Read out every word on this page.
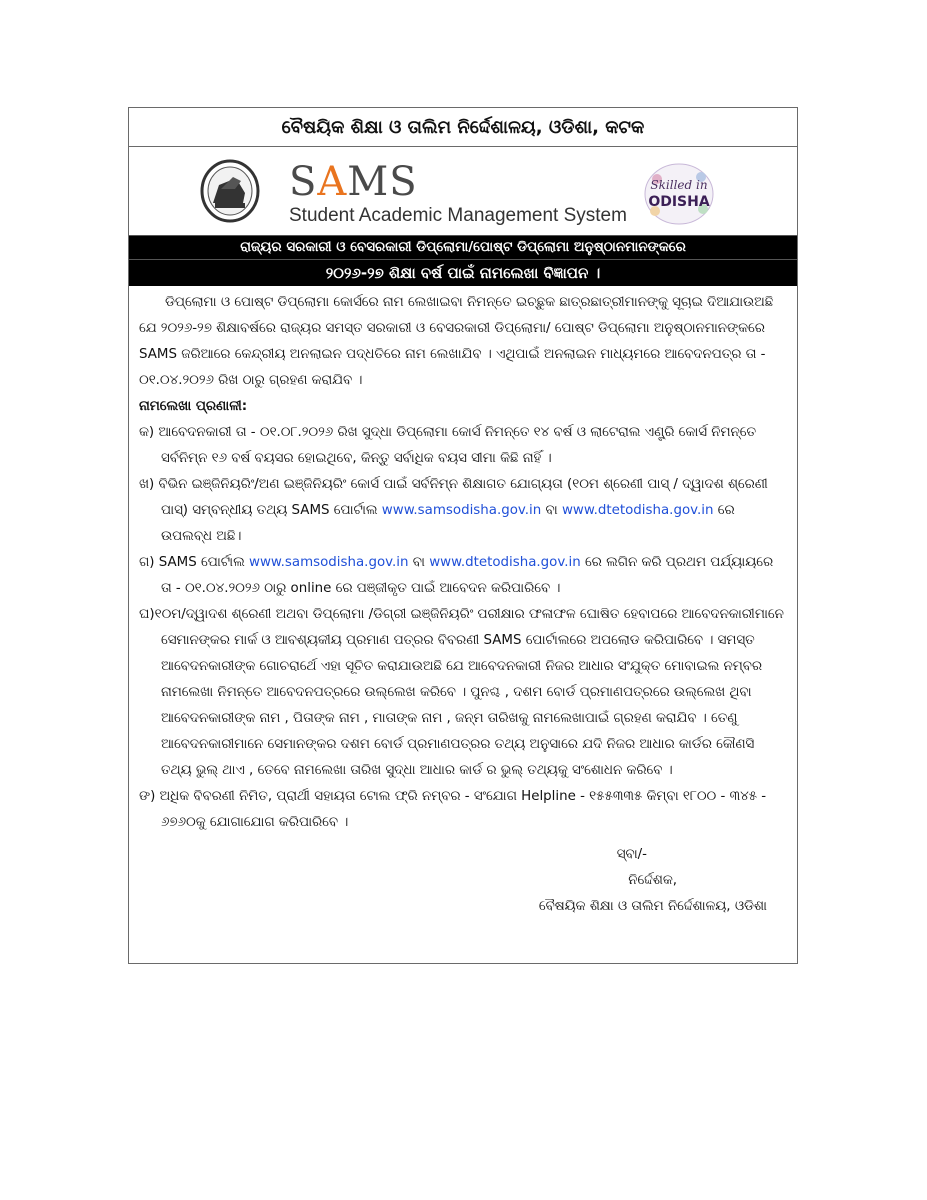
ବୈଷୟିକ ଶିକ୍ଷା ଓ ତାଲିମ ନିର୍ଦ୍ଦେଶାଳୟ, ଓଡିଶା, କଟକ
SAMS
Student Academic Management System
Skilled in
ODISHA
ରାଜ୍ୟର ସରକାରୀ ଓ ବେସରକାରୀ ଡିପ୍ଲୋମା/ପୋଷ୍ଟ ଡିପ୍ଲୋମା ଅନୁଷ୍ଠାନମାନଙ୍କରେ
୨୦୨୬-୨୭ ଶିକ୍ଷା ବର୍ଷ ପାଇଁ ନାମଲେଖା ବିଜ୍ଞାପନ ।

ଡିପ୍ଲୋମା ଓ ପୋଷ୍ଟ ଡିପ୍ଲୋମା କୋର୍ସରେ ନାମ ଲେଖାଇବା ନିମନ୍ତେ ଇଚ୍ଛୁକ ଛାତ୍ରଛାତ୍ରୀମାନଙ୍କୁ ସୂଚାଇ ଦିଆଯାଉଅଛି ଯେ ୨୦୨୬-୨୭ ଶିକ୍ଷାବର୍ଷରେ ରାଜ୍ୟର ସମସ୍ତ ସରକାରୀ ଓ ବେସରକାରୀ ଡିପ୍ଲୋମା/ ପୋଷ୍ଟ ଡିପ୍ଲୋମା ଅନୁଷ୍ଠାନମାନଙ୍କରେ SAMS ଜରିଆରେ କେନ୍ଦ୍ରୀୟ ଅନଲାଇନ ପଦ୍ଧତିରେ ନାମ ଲେଖାଯିବ । ଏଥିପାଇଁ ଅନଲାଇନ ମାଧ୍ୟମରେ ଆବେଦନପତ୍ର ତା - ୦୧.୦୪.୨୦୨୬ ରିଖ ଠାରୁ ଗ୍ରହଣ କରାଯିବ ।

ନାମଲେଖା ପ୍ରଣାଳୀ:

କ) ଆବେଦନକାରୀ ତା - ୦୧.୦୮.୨୦୨୬ ରିଖ ସୁଦ୍ଧା ଡିପ୍ଲୋମା କୋର୍ସ ନିମନ୍ତେ ୧୪ ବର୍ଷ ଓ ଲାଟେରାଲ ଏଣ୍ଟ୍ରି କୋର୍ସ ନିମନ୍ତେ ସର୍ବନିମ୍ନ ୧୬ ବର୍ଷ ବୟସର ହୋଇଥିବେ, କିନ୍ତୁ ସର୍ବାଧିକ ବୟସ ସୀମା କିଛି ନାହିଁ ।

ଖ) ବିଭିନ ଇଞ୍ଜିନିୟରିଂ/ଅଣ ଇଞ୍ଜିନିୟରିଂ କୋର୍ସ ପାଇଁ ସର୍ବନିମ୍ନ ଶିକ୍ଷାଗତ ଯୋଗ୍ୟତା (୧୦ମ ଶ୍ରେଣୀ ପାସ୍ / ଦ୍ୱାଦଶ ଶ୍ରେଣୀ ପାସ୍) ସମ୍ବନ୍ଧୀୟ ତଥ୍ୟ SAMS ପୋର୍ଟାଲ www.samsodisha.gov.in ବା www.dtetodisha.gov.in ରେ ଉପଲବ୍ଧ ଅଛି।

ଗ) SAMS ପୋର୍ଟାଲ www.samsodisha.gov.in ବା www.dtetodisha.gov.in ରେ ଲଗିନ କରି ପ୍ରଥମ ପର୍ଯ୍ୟାୟରେ ତା - ୦୧.୦୪.୨୦୨୬ ଠାରୁ online ରେ ପଞ୍ଜୀକୃତ ପାଇଁ ଆବେଦନ କରିପାରିବେ ।

ଘ)୧୦ମ/ଦ୍ୱାଦଶ ଶ୍ରେଣୀ ଅଥବା ଡିପ୍ଲୋମା /ଡିଗ୍ରୀ ଇଞ୍ଜିନିୟରିଂ ପରୀକ୍ଷାର ଫଳାଫଳ ଘୋଷିତ ହେବାପରେ ଆବେଦନକାରୀମାନେ ସେମାନଙ୍କର ମାର୍କ ଓ ଆବଶ୍ୟକୀୟ ପ୍ରମାଣ ପତ୍ରର ବିବରଣୀ SAMS ପୋର୍ଟାଲରେ ଅପଲୋଡ କରିପାରିବେ । ସମସ୍ତ ଆବେଦନକାରୀଙ୍କ ଗୋଚରାର୍ଥେ ଏହା ସୂଚିତ କରାଯାଉଅଛି ଯେ ଆବେଦନକାରୀ ନିଜର ଆଧାର ସଂଯୁକ୍ତ ମୋବାଇଲ ନମ୍ବର ନାମଲେଖା ନିମନ୍ତେ ଆବେଦନପତ୍ରରେ ଉଲ୍ଲେଖ କରିବେ । ପୁନଶ୍ଚ , ଦଶମ ବୋର୍ଡ ପ୍ରମାଣପତ୍ରରେ ଉଲ୍ଲେଖ ଥିବା ଆବେଦନକାରୀଙ୍କ ନାମ , ପିତାଙ୍କ ନାମ , ମାତାଙ୍କ ନାମ , ଜନ୍ମ ତାରିଖକୁ ନାମଲେଖାପାଇଁ ଗ୍ରହଣ କରାଯିବ । ତେଣୁ ଆବେଦନକାରୀମାନେ ସେମାନଙ୍କର ଦଶମ ବୋର୍ଡ ପ୍ରମାଣପତ୍ରର ତଥ୍ୟ ଅନୁସାରେ ଯଦି ନିଜର ଆଧାର କାର୍ଡର କୌଣସି ତଥ୍ୟ ଭୁଲ୍ ଥାଏ , ତେବେ ନାମଲେଖା ତାରିଖ ସୁଦ୍ଧା ଆଧାର କାର୍ଡ ର ଭୁଲ୍ ତଥ୍ୟକୁ ସଂଶୋଧନ କରିବେ ।

ଙ) ଅଧିକ ବିବରଣୀ ନିମିତ, ପ୍ରାର୍ଥୀ ସହାୟତା ଟୋଲ ଫ୍ରି ନମ୍ବର - ସଂଯୋଗ Helpline - ୧୫୫୩୩୫ କିମ୍ବା ୧୮୦୦ - ୩୪୫ - ୬୭୬୦କୁ ଯୋଗାଯୋଗ କରିପାରିବେ ।

ସ୍ବା/-
ନିର୍ଦ୍ଦେଶକ,
ବୈଷୟିକ ଶିକ୍ଷା ଓ ତାଲିମ ନିର୍ଦ୍ଦେଶାଳୟ, ଓଡିଶା
